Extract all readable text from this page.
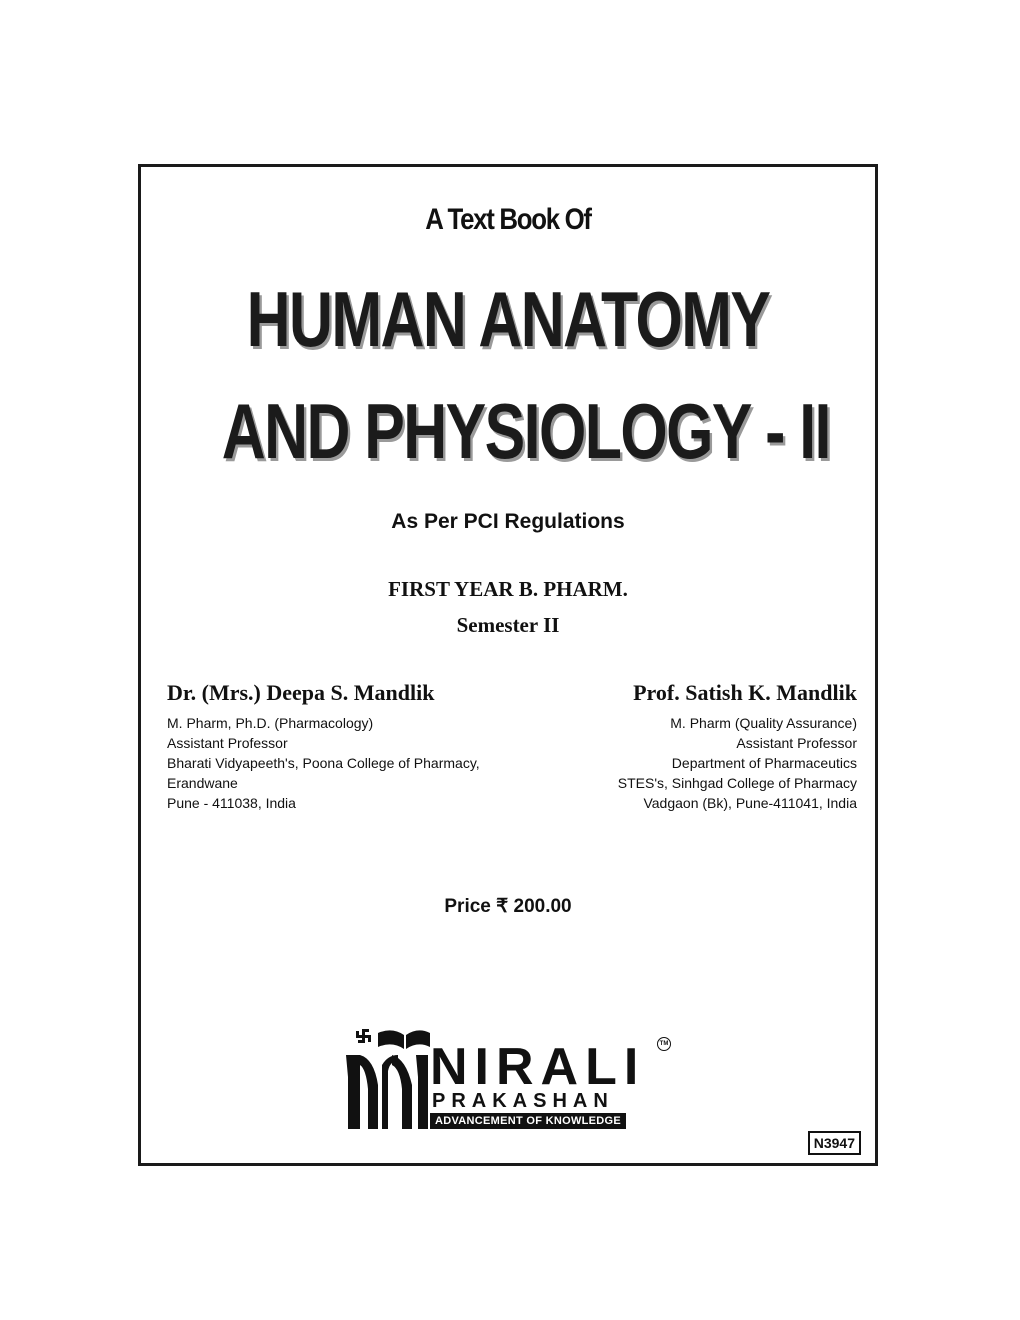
A Text Book Of
HUMAN ANATOMY
AND PHYSIOLOGY - II
As Per PCI Regulations
FIRST YEAR B. PHARM.
Semester II
Dr. (Mrs.) Deepa S. Mandlik
M. Pharm, Ph.D. (Pharmacology)
Assistant Professor
Bharati Vidyapeeth's, Poona College of Pharmacy,
Erandwane
Pune - 411038, India
Prof. Satish K. Mandlik
M. Pharm (Quality Assurance)
Assistant Professor
Department of Pharmaceutics
STES's, Sinhgad College of Pharmacy
Vadgaon (Bk), Pune-411041, India
Price ₹ 200.00
NIRALI	TM
PRAKASHAN
ADVANCEMENT OF KNOWLEDGE
N3947
